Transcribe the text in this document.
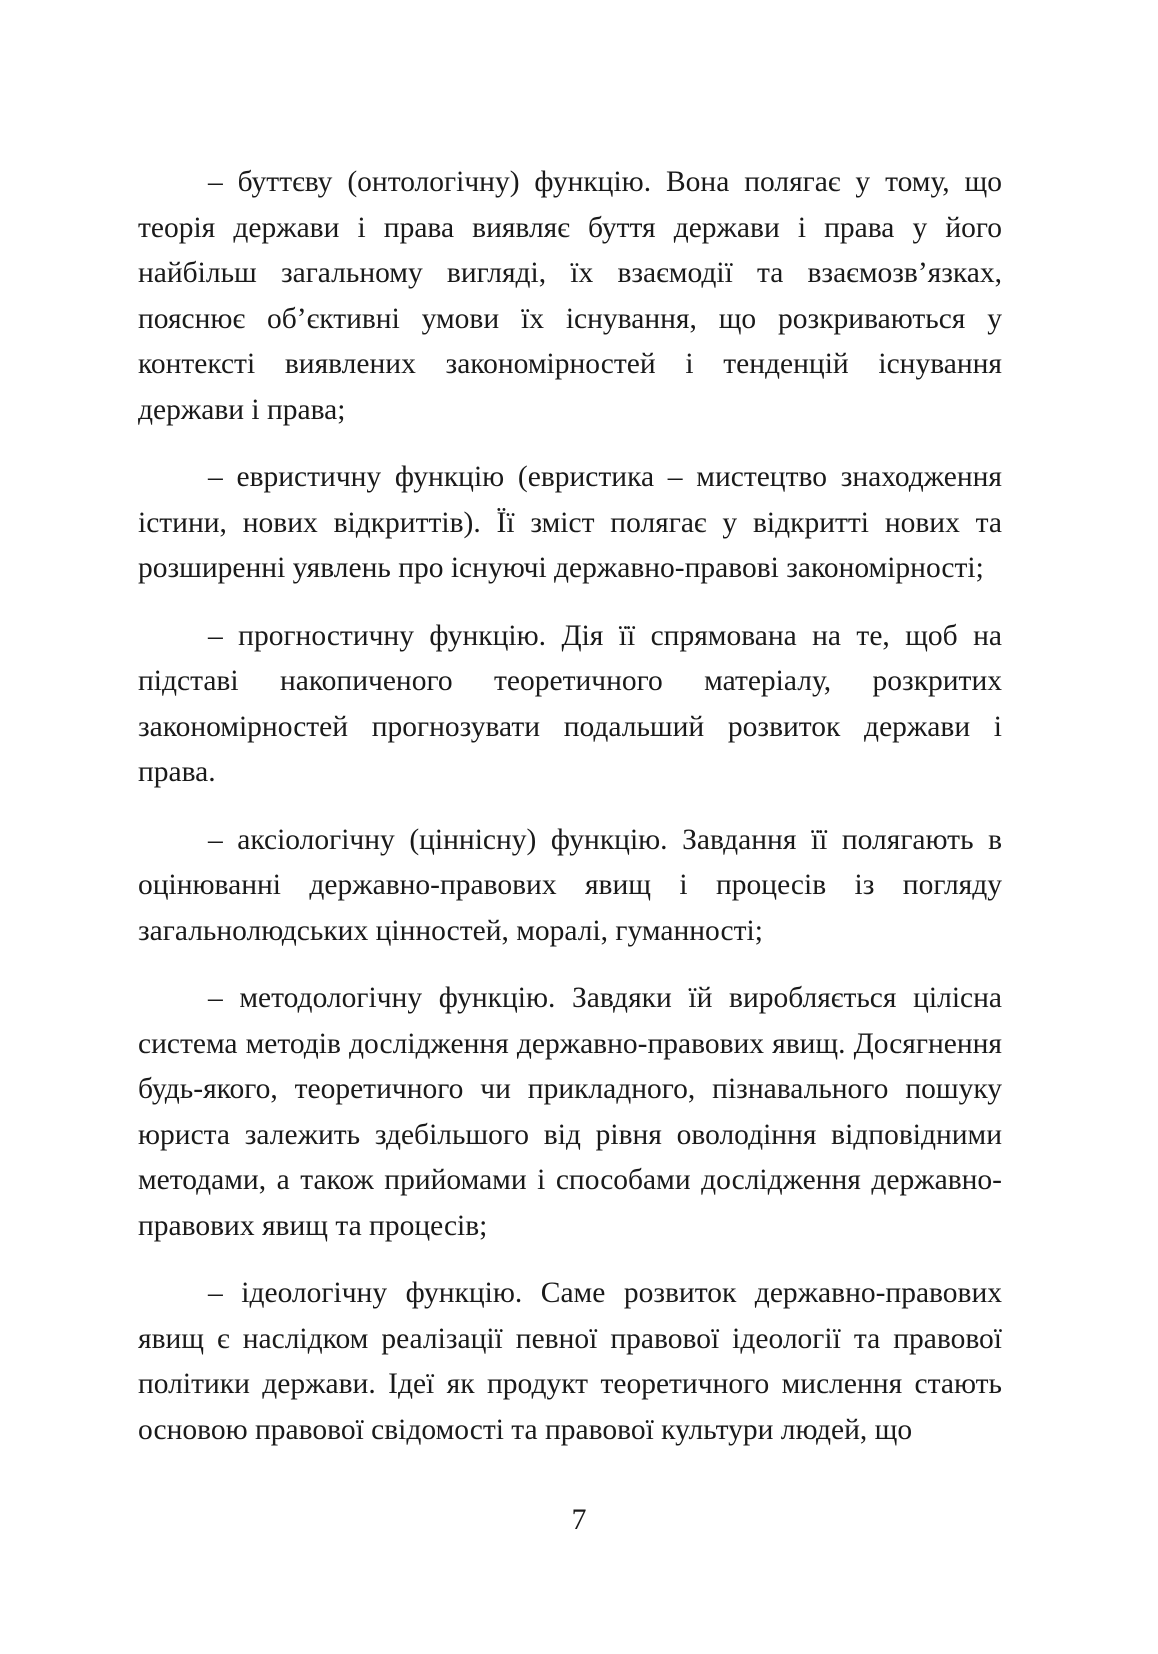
– буттєву (онтологічну) функцію. Вона полягає у тому, що теорія держави і права виявляє буття держави і права у його найбільш загальному вигляді, їх взаємодії та взаємозв’язках, пояснює об’єктивні умови їх існування, що розкриваються у контексті виявлених закономірностей і тенденцій існування держави і права;

– евристичну функцію (евристика – мистецтво знаходження істини, нових відкриттів). Її зміст полягає у відкритті нових та розширенні уявлень про існуючі державно-правові закономірності;

– прогностичну функцію. Дія її спрямована на те, щоб на підставі накопиченого теоретичного матеріалу, розкритих закономірностей прогнозувати подальший розвиток держави і права.

– аксіологічну (ціннісну) функцію. Завдання її полягають в оцінюванні державно-правових явищ і процесів із погляду загальнолюдських цінностей, моралі, гуманності;

– методологічну функцію. Завдяки їй виробляється цілісна система методів дослідження державно-правових явищ. Досягнення будь-якого, теоретичного чи прикладного, пізнавального пошуку юриста залежить здебільшого від рівня оволодіння відповідними методами, а також прийомами і способами дослідження державно-правових явищ та процесів;

– ідеологічну функцію. Саме розвиток державно-правових явищ є наслідком реалізації певної правової ідеології та правової політики держави. Ідеї як продукт теоретичного мислення стають основою правової свідомості та правової культури людей, що

7
